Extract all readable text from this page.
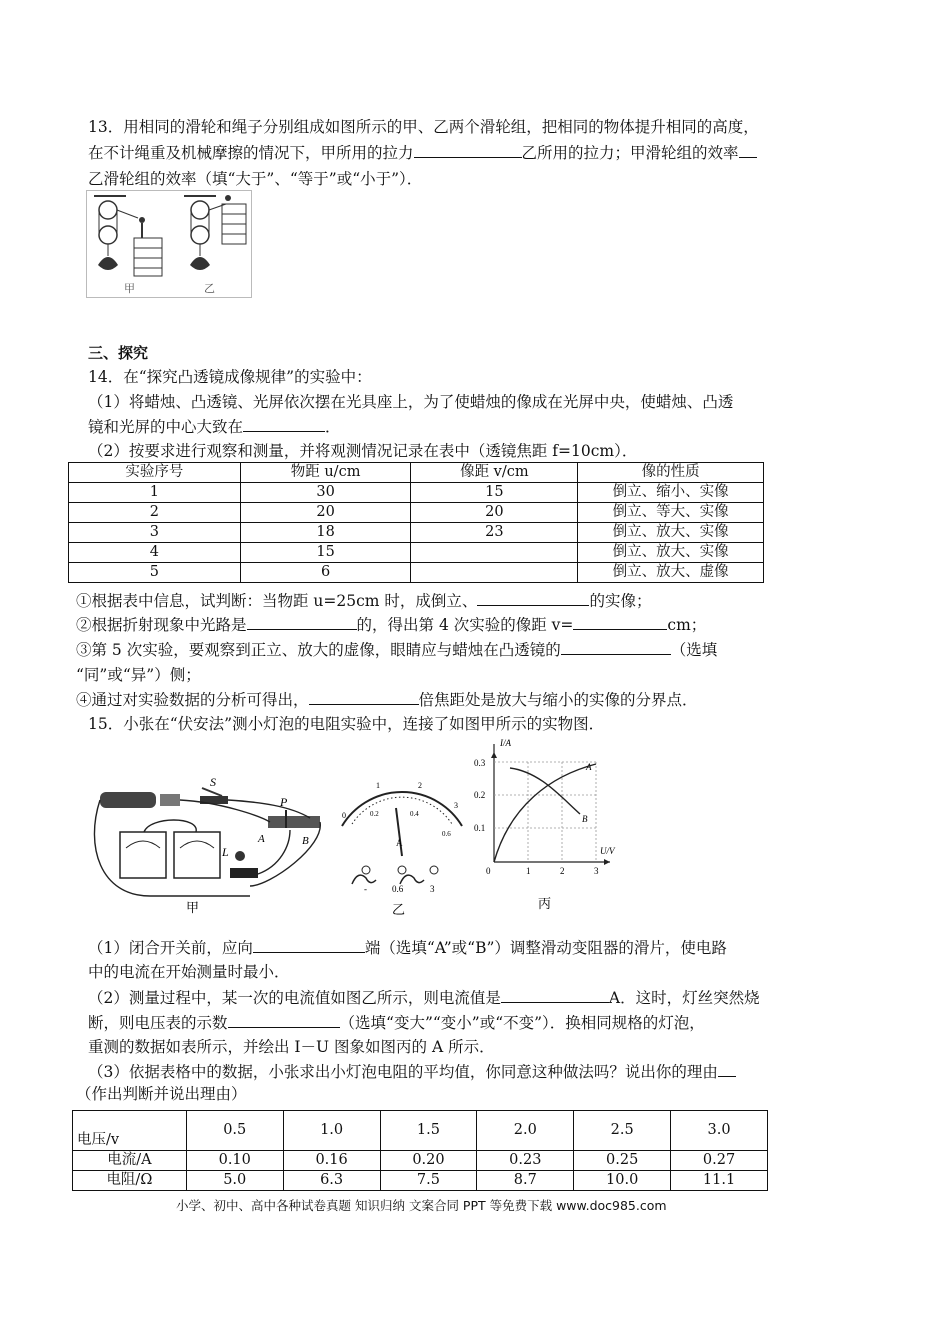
13．用相同的滑轮和绳子分别组成如图所示的甲、乙两个滑轮组，把相同的物体提升相同的高度，
在不计绳重及机械摩擦的情况下，甲所用的拉力	乙所用的拉力；甲滑轮组的效率
乙滑轮组的效率（填“大于”、“等于”或“小于”）．
甲	乙
三、探究
14．在“探究凸透镜成像规律”的实验中：
（1）将蜡烛、凸透镜、光屏依次摆在光具座上，为了使蜡烛的像成在光屏中央，使蜡烛、凸透
镜和光屏的中心大致在	．
（2）按要求进行观察和测量，并将观测情况记录在表中（透镜焦距 f=10cm）．
实验序号	物距 u/cm	像距 v/cm	像的性质
1	30	15	倒立、缩小、实像
2	20	20	倒立、等大、实像
3	18	23	倒立、放大、实像
4	15		倒立、放大、实像
5	6		倒立、放大、虚像
①根据表中信息，试判断：当物距 u=25cm 时，成倒立、	的实像；
②根据折射现象中光路是	的，得出第 4 次实验的像距 v=	cm；
③第 5 次实验，要观察到正立、放大的虚像，眼睛应与蜡烛在凸透镜的	（选填
“同”或“异”）侧；
④通过对实验数据的分析可得出，	倍焦距处是放大与缩小的实像的分界点．
15．小张在“伏安法”测小灯泡的电阻实验中，连接了如图甲所示的实物图．
S
P
L
A	B
甲
0
1	2
3
0.2	0.4
0.6
A
-	0.6	3
乙
I/A
U/V
0.3
0.2
0.1
0	1	2	3
A
B
丙
（1）闭合开关前，应向	端（选填“A”或“B”）调整滑动变阻器的滑片，使电路
中的电流在开始测量时最小．
（2）测量过程中，某一次的电流值如图乙所示，则电流值是	A．这时，灯丝突然烧
断，则电压表的示数	（选填“变大”“变小”或“不变”）．换相同规格的灯泡，
重测的数据如表所示，并绘出 I－U 图象如图丙的 A 所示．
（3）依据表格中的数据，小张求出小灯泡电阻的平均值，你同意这种做法吗？说出你的理由
（作出判断并说出理由）
电压/v	0.5	1.0	1.5	2.0	2.5	3.0
电流/A	0.10	0.16	0.20	0.23	0.25	0.27
电阻/Ω	5.0	6.3	7.5	8.7	10.0	11.1
小学、初中、高中各种试卷真题 知识归纳 文案合同 PPT 等免费下载 www.doc985.com
